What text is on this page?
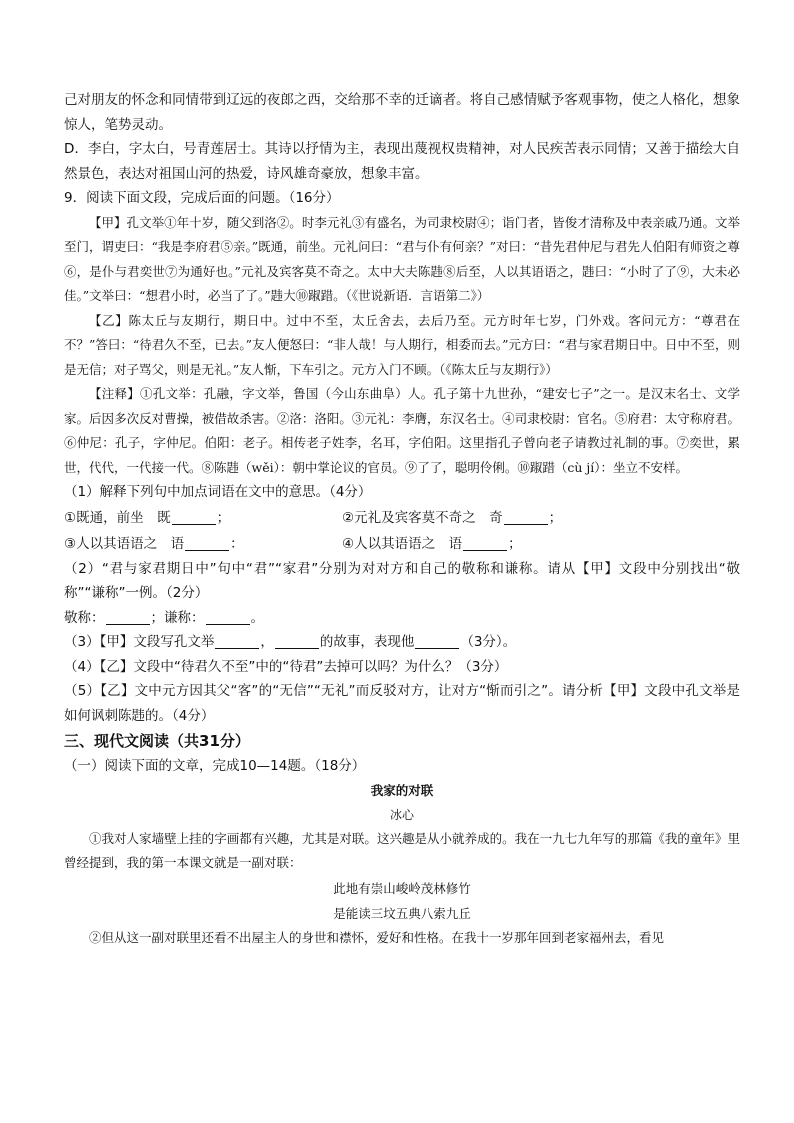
己对朋友的怀念和同情带到辽远的夜郎之西，交给那不幸的迁谪者。将自己感情赋予客观事物，使之人格化，想象惊人，笔势灵动。

D．李白，字太白，号青莲居士。其诗以抒情为主，表现出蔑视权贵精神，对人民疾苦表示同情；又善于描绘大自然景色，表达对祖国山河的热爱，诗风雄奇豪放，想象丰富。

9．阅读下面文段，完成后面的问题。（16分）

【甲】孔文举①年十岁，随父到洛②。时李元礼③有盛名，为司隶校尉④；诣门者，皆俊才清称及中表亲戚乃通。文举至门，谓吏曰：“我是李府君⑤亲。”既通，前坐。元礼问曰：“君与仆有何亲？”对曰：“昔先君仲尼与君先人伯阳有师资之尊⑥，是仆与君奕世⑦为通好也。”元礼及宾客莫不奇之。太中大夫陈韪⑧后至，人以其语语之，韪曰：“小时了了⑨，大未必佳。”文举曰：“想君小时，必当了了。”韪大⑩踧踖。（《世说新语．言语第二》）

【乙】陈太丘与友期行，期日中。过中不至，太丘舍去，去后乃至。元方时年七岁，门外戏。客问元方：“尊君在不？”答曰：“待君久不至，已去。”友人便怒曰：“非人哉！与人期行，相委而去。”元方曰：“君与家君期日中。日中不至，则是无信；对子骂父，则是无礼。”友人惭，下车引之。元方入门不顾。（《陈太丘与友期行》）

【注释】①孔文举：孔融，字文举，鲁国（今山东曲阜）人。孔子第十九世孙，“建安七子”之一。是汉末名士、文学家。后因多次反对曹操，被借故杀害。②洛：洛阳。③元礼：李膺，东汉名士。④司隶校尉：官名。⑤府君：太守称府君。⑥仲尼：孔子，字仲尼。伯阳：老子。相传老子姓李，名耳，字伯阳。这里指孔子曾向老子请教过礼制的事。⑦奕世，累世，代代，一代接一代。⑧陈韪（wěi）：朝中掌论议的官员。⑨了了，聪明伶俐。⑩踧踖（cù jí）：坐立不安样。

（1）解释下列句中加点词语在文中的意思。（4分）

①既通，前坐　既	；	②元礼及宾客莫不奇之　奇	；
③人以其语语之　语	：	④人以其语语之　语	；

（2）“君与家君期日中”句中“君”“家君”分别为对对方和自己的敬称和谦称。请从【甲】文段中分别找出“敬称”“谦称”一例。（2分）

敬称：	；谦称：	。

（3）【甲】文段写孔文举	，	的故事，表现他	（3分）。

（4）【乙】文段中“待君久不至”中的“待君”去掉可以吗？为什么？（3分）

（5）【乙】文中元方因其父“客”的“无信”“无礼”而反驳对方，让对方“惭而引之”。请分析【甲】文段中孔文举是如何讽刺陈韪的。（4分）

三、现代文阅读（共31分）

（一）阅读下面的文章，完成10—14题。（18分）

我家的对联

冰心

①我对人家墙壁上挂的字画都有兴趣，尤其是对联。这兴趣是从小就养成的。我在一九七九年写的那篇《我的童年》里曾经提到，我的第一本课文就是一副对联：

此地有崇山峻岭茂林修竹

是能读三坟五典八索九丘

②但从这一副对联里还看不出屋主人的身世和襟怀，爱好和性格。在我十一岁那年回到老家福州去，看见
